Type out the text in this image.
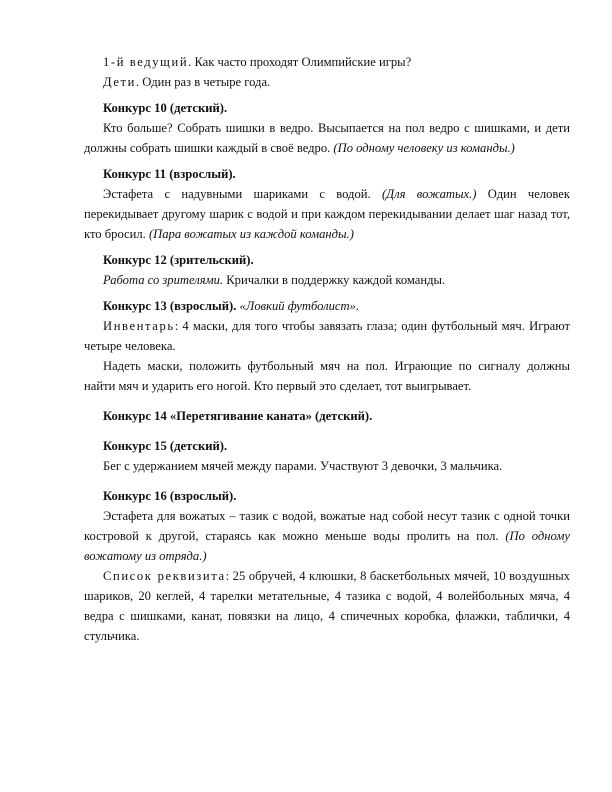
1-й ведущий. Как часто проходят Олимпийские игры?

Дети. Один раз в четыре года.

Конкурс 10 (детский).

Кто больше? Собрать шишки в ведро. Высыпается на пол ведро с шишками, и дети должны собрать шишки каждый в своё ведро. (По одному человеку из команды.)

Конкурс 11 (взрослый).

Эстафета с надувными шариками с водой. (Для вожатых.) Один человек перекидывает другому шарик с водой и при каждом перекидывании делает шаг назад тот, кто бросил. (Пара вожатых из каждой команды.)

Конкурс 12 (зрительский).

Работа со зрителями. Кричалки в поддержку каждой команды.

Конкурс 13 (взрослый). «Ловкий футболист».

Инвентарь: 4 маски, для того чтобы завязать глаза; один футбольный мяч. Играют четыре человека.

Надеть маски, положить футбольный мяч на пол. Играющие по сигналу должны найти мяч и ударить его ногой. Кто первый это сделает, тот выигрывает.

Конкурс 14 «Перетягивание каната» (детский).

Конкурс 15 (детский).

Бег с удержанием мячей между парами. Участвуют 3 девочки, 3 мальчика.

Конкурс 16 (взрослый).

Эстафета для вожатых – тазик с водой, вожатые над собой несут тазик с одной точки костровой к другой, стараясь как можно меньше воды пролить на пол. (По одному вожатому из отряда.)

Список реквизита: 25 обручей, 4 клюшки, 8 баскетбольных мячей, 10 воздушных шариков, 20 кеглей, 4 тарелки метательные, 4 тазика с водой, 4 волейбольных мяча, 4 ведра с шишками, канат, повязки на лицо, 4 спичечных коробка, флажки, таблички, 4 стульчика.
